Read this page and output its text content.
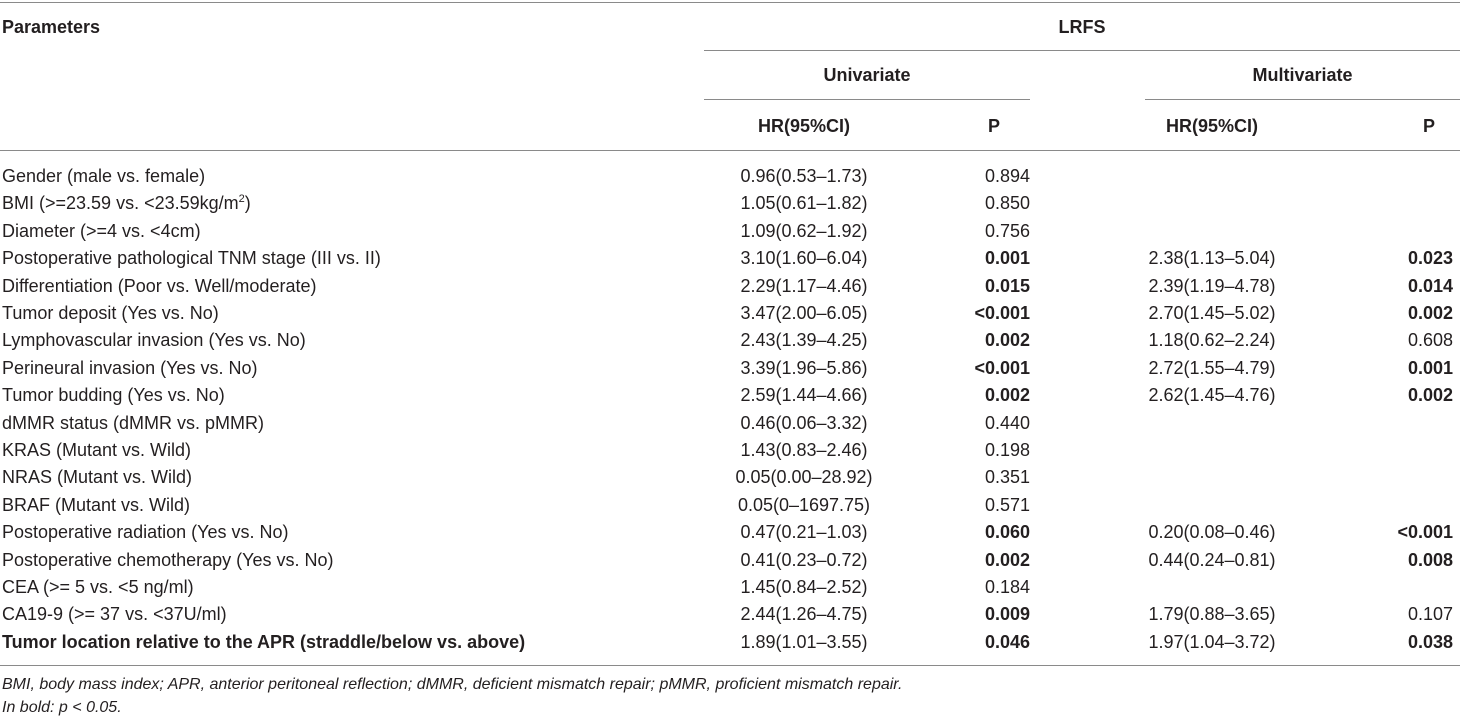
Parameters	LRFS
Univariate	Multivariate
HR(95%CI)	P	HR(95%CI)	P
Gender (male vs. female)	0.96(0.53–1.73)	0.894
BMI (>=23.59 vs. $<23.59kg/m^2$)	1.05(0.61–1.82)	0.850
Diameter (>=4 vs. <4cm)	1.09(0.62–1.92)	0.756
Postoperative pathological TNM stage (III vs. II)	3.10(1.60–6.04)	0.001	2.38(1.13–5.04)	0.023
Differentiation (Poor vs. Well/moderate)	2.29(1.17–4.46)	0.015	2.39(1.19–4.78)	0.014
Tumor deposit (Yes vs. No)	3.47(2.00–6.05)	<0.001	2.70(1.45–5.02)	0.002
Lymphovascular invasion (Yes vs. No)	2.43(1.39–4.25)	0.002	1.18(0.62–2.24)	0.608
Perineural invasion (Yes vs. No)	3.39(1.96–5.86)	<0.001	2.72(1.55–4.79)	0.001
Tumor budding (Yes vs. No)	2.59(1.44–4.66)	0.002	2.62(1.45–4.76)	0.002
dMMR status (dMMR vs. pMMR)	0.46(0.06–3.32)	0.440
KRAS (Mutant vs. Wild)	1.43(0.83–2.46)	0.198
NRAS (Mutant vs. Wild)	0.05(0.00–28.92)	0.351
BRAF (Mutant vs. Wild)	0.05(0–1697.75)	0.571
Postoperative radiation (Yes vs. No)	0.47(0.21–1.03)	0.060	0.20(0.08–0.46)	<0.001
Postoperative chemotherapy (Yes vs. No)	0.41(0.23–0.72)	0.002	0.44(0.24–0.81)	0.008
CEA (>= 5 vs. <5 ng/ml)	1.45(0.84–2.52)	0.184
CA19-9 (>= 37 vs. <37U/ml)	2.44(1.26–4.75)	0.009	1.79(0.88–3.65)	0.107
Tumor location relative to the APR (straddle/below vs. above)	1.89(1.01–3.55)	0.046	1.97(1.04–3.72)	0.038
BMI, body mass index; APR, anterior peritoneal reflection; dMMR, deficient mismatch repair; pMMR, proficient mismatch repair.
In bold: p < 0.05.
